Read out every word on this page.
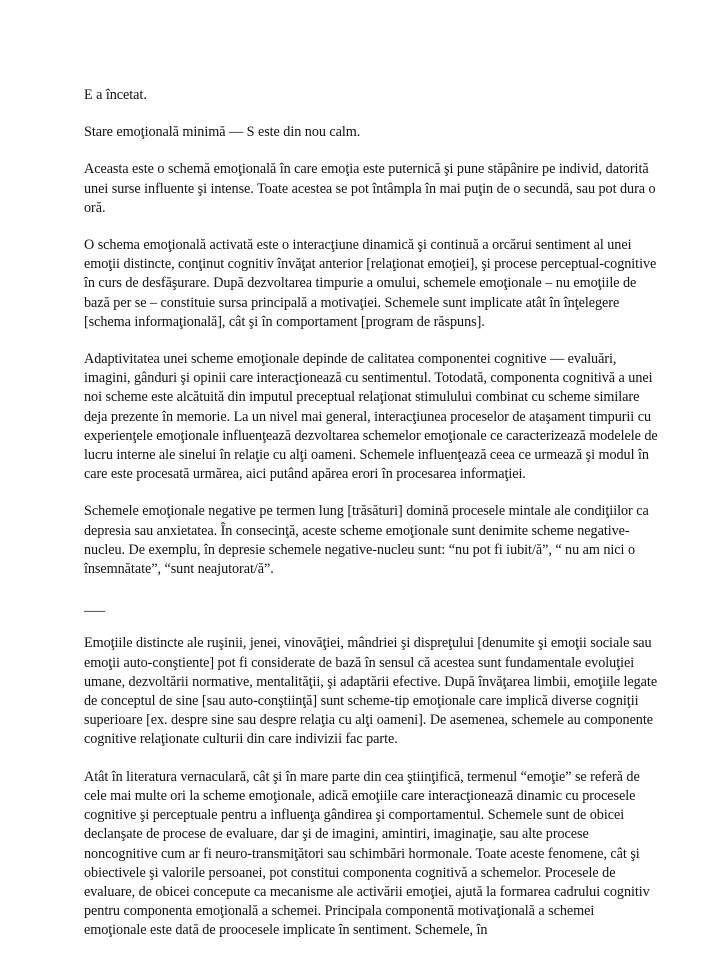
E a încetat.

Stare emoţională minimă — S este din nou calm.

Aceasta este o schemă emoţională în care emoţia este puternică şi pune stăpânire pe individ, datorită unei surse influente şi intense. Toate acestea se pot întâmpla în mai puţin de o secundă, sau pot dura o oră.

O schema emoţională activată este o interacţiune dinamică şi continuă a orcărui sentiment al unei emoţii distincte, conţinut cognitiv învăţat anterior [relaţionat emoţiei], şi procese perceptual-cognitive în curs de desfăşurare. După dezvoltarea timpurie a omului, schemele emoţionale – nu emoţiile de bază per se – constituie sursa principală a motivaţiei. Schemele sunt implicate atât în înţelegere [schema informaţională], cât şi în comportament [program de răspuns].

Adaptivitatea unei scheme emoţionale depinde de calitatea componentei cognitive — evaluări, imagini, gânduri şi opinii care interacţionează cu sentimentul. Totodată, componenta cognitivă a unei noi scheme este alcătuită din imputul preceptual relaţionat stimulului combinat cu scheme similare deja prezente în memorie. La un nivel mai general, interacţiunea proceselor de ataşament timpurii cu experienţele emoţionale influenţează dezvoltarea schemelor emoţionale ce caracterizează modelele de lucru interne ale sinelui în relaţie cu alţi oameni. Schemele influenţează ceea ce urmează şi modul în care este procesată urmărea, aici putând apărea erori în procesarea informaţiei.

Schemele emoţionale negative pe termen lung [trăsături] domină procesele mintale ale condiţiilor ca depresia sau anxietatea. În consecinţă, aceste scheme emoţionale sunt denimite scheme negative-nucleu. De exemplu, în depresie schemele negative-nucleu sunt: “nu pot fi iubit/ă”, “ nu am nici o însemnătate”, “sunt neajutorat/ă”.

___

Emoţiile distincte ale ruşinii, jenei, vinovăţiei, mândriei şi dispreţului [denumite şi emoţii sociale sau emoţii auto-conştiente] pot fi considerate de bază în sensul că acestea sunt fundamentale evoluţiei umane, dezvoltării normative, mentalităţii, şi adaptării efective. După învăţarea limbii, emoţiile legate de conceptul de sine [sau auto-conştiinţă] sunt scheme-tip emoţionale care implică diverse cogniţii superioare [ex. despre sine sau despre relaţia cu alţi oameni]. De asemenea, schemele au componente cognitive relaţionate culturii din care indivizii fac parte.

Atât în literatura vernaculară, cât şi în mare parte din cea ştiinţifică, termenul “emoţie” se referă de cele mai multe ori la scheme emoţionale, adică emoţiile care interacţionează dinamic cu procesele cognitive şi perceptuale pentru a influenţa gândirea şi comportamentul. Schemele sunt de obicei declanşate de procese de evaluare, dar şi de imagini, amintiri, imaginaţie, sau alte procese noncognitive cum ar fi neuro-transmiţători sau schimbări hormonale. Toate aceste fenomene, cât şi obiectivele şi valorile persoanei, pot constitui componenta cognitivă a schemelor. Procesele de evaluare, de obicei concepute ca mecanisme ale activării emoţiei, ajută la formarea cadrului cognitiv pentru componenta emoţională a schemei. Principala componentă motivaţională a schemei emoţionale este dată de proocesele implicate în sentiment. Schemele, în
